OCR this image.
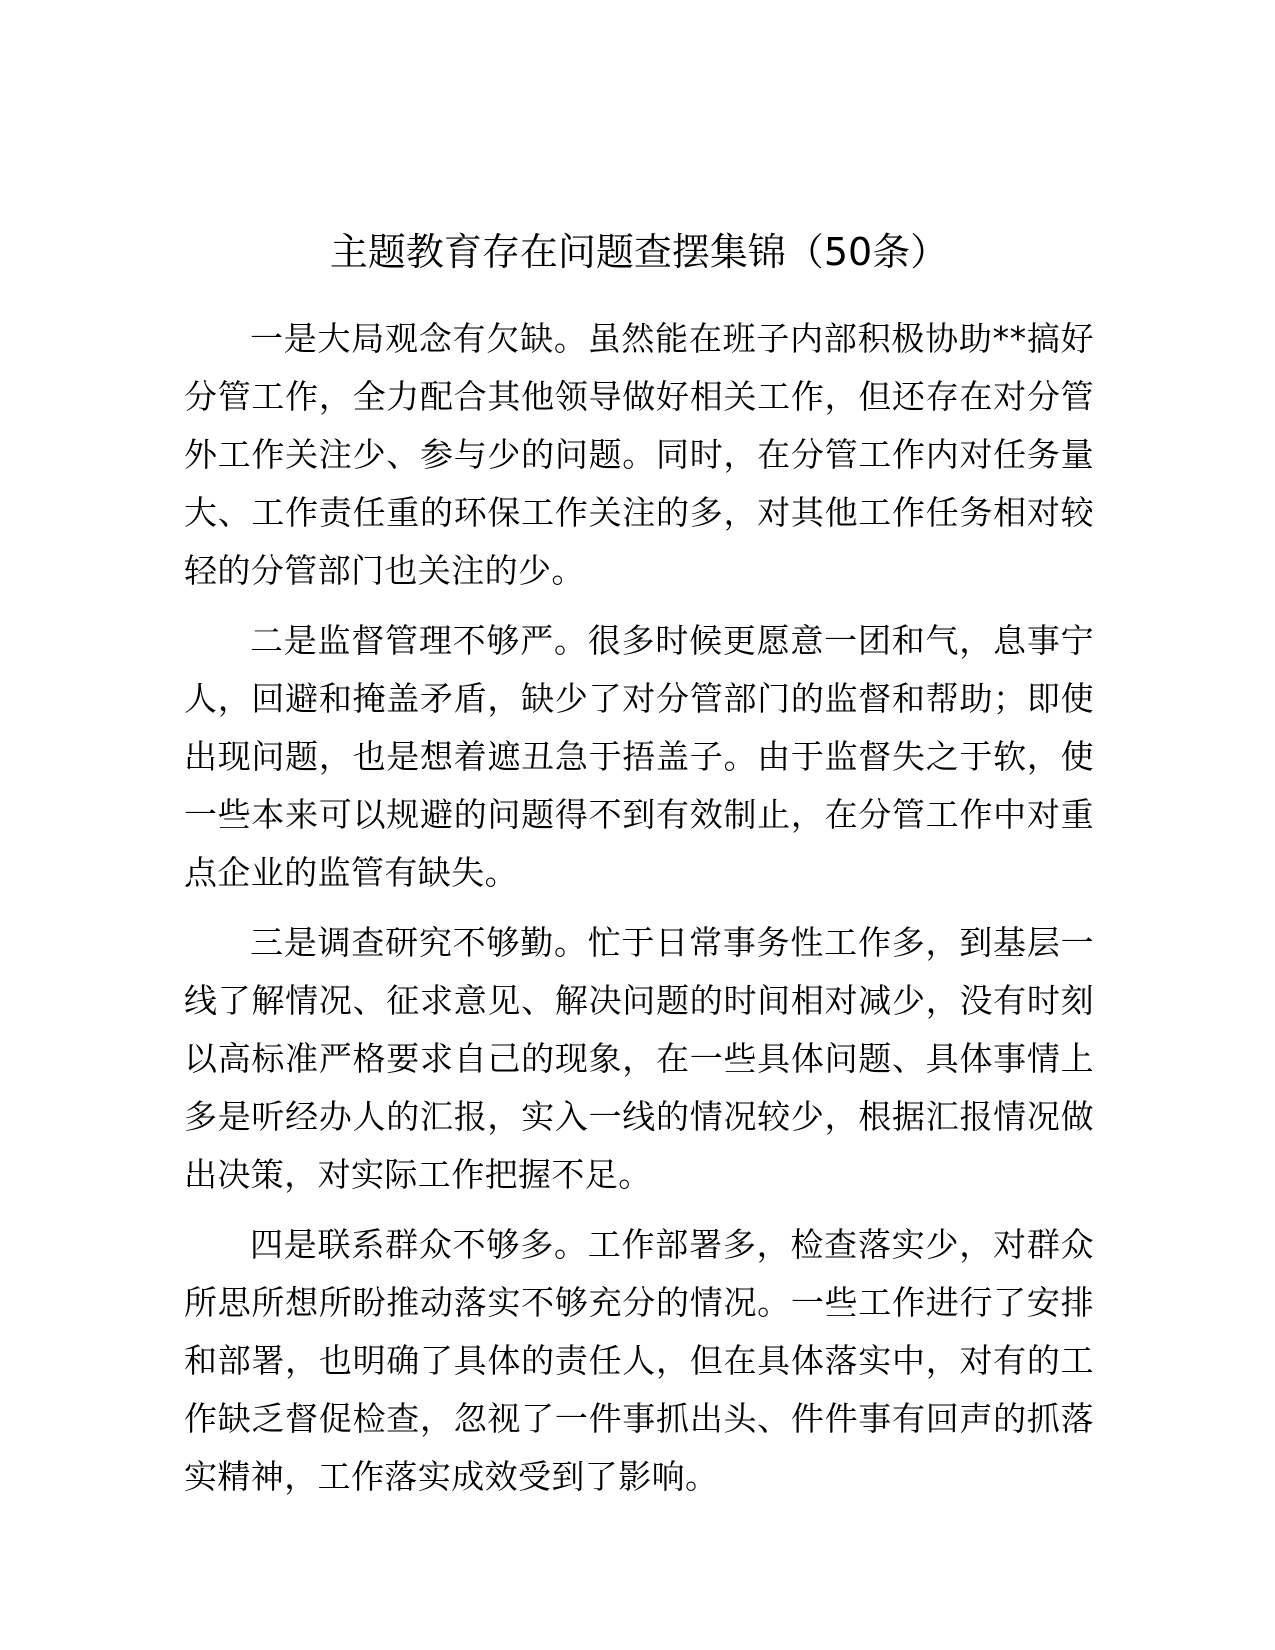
主题教育存在问题查摆集锦（50条）

一是大局观念有欠缺。虽然能在班子内部积极协助**搞好分管工作，全力配合其他领导做好相关工作，但还存在对分管外工作关注少、参与少的问题。同时，在分管工作内对任务量大、工作责任重的环保工作关注的多，对其他工作任务相对较轻的分管部门也关注的少。

二是监督管理不够严。很多时候更愿意一团和气，息事宁人，回避和掩盖矛盾，缺少了对分管部门的监督和帮助；即使出现问题，也是想着遮丑急于捂盖子。由于监督失之于软，使一些本来可以规避的问题得不到有效制止，在分管工作中对重点企业的监管有缺失。

三是调查研究不够勤。忙于日常事务性工作多，到基层一线了解情况、征求意见、解决问题的时间相对减少，没有时刻以高标准严格要求自己的现象，在一些具体问题、具体事情上多是听经办人的汇报，实入一线的情况较少，根据汇报情况做出决策，对实际工作把握不足。

四是联系群众不够多。工作部署多，检查落实少，对群众所思所想所盼推动落实不够充分的情况。一些工作进行了安排和部署，也明确了具体的责任人，但在具体落实中，对有的工作缺乏督促检查，忽视了一件事抓出头、件件事有回声的抓落实精神，工作落实成效受到了影响。
